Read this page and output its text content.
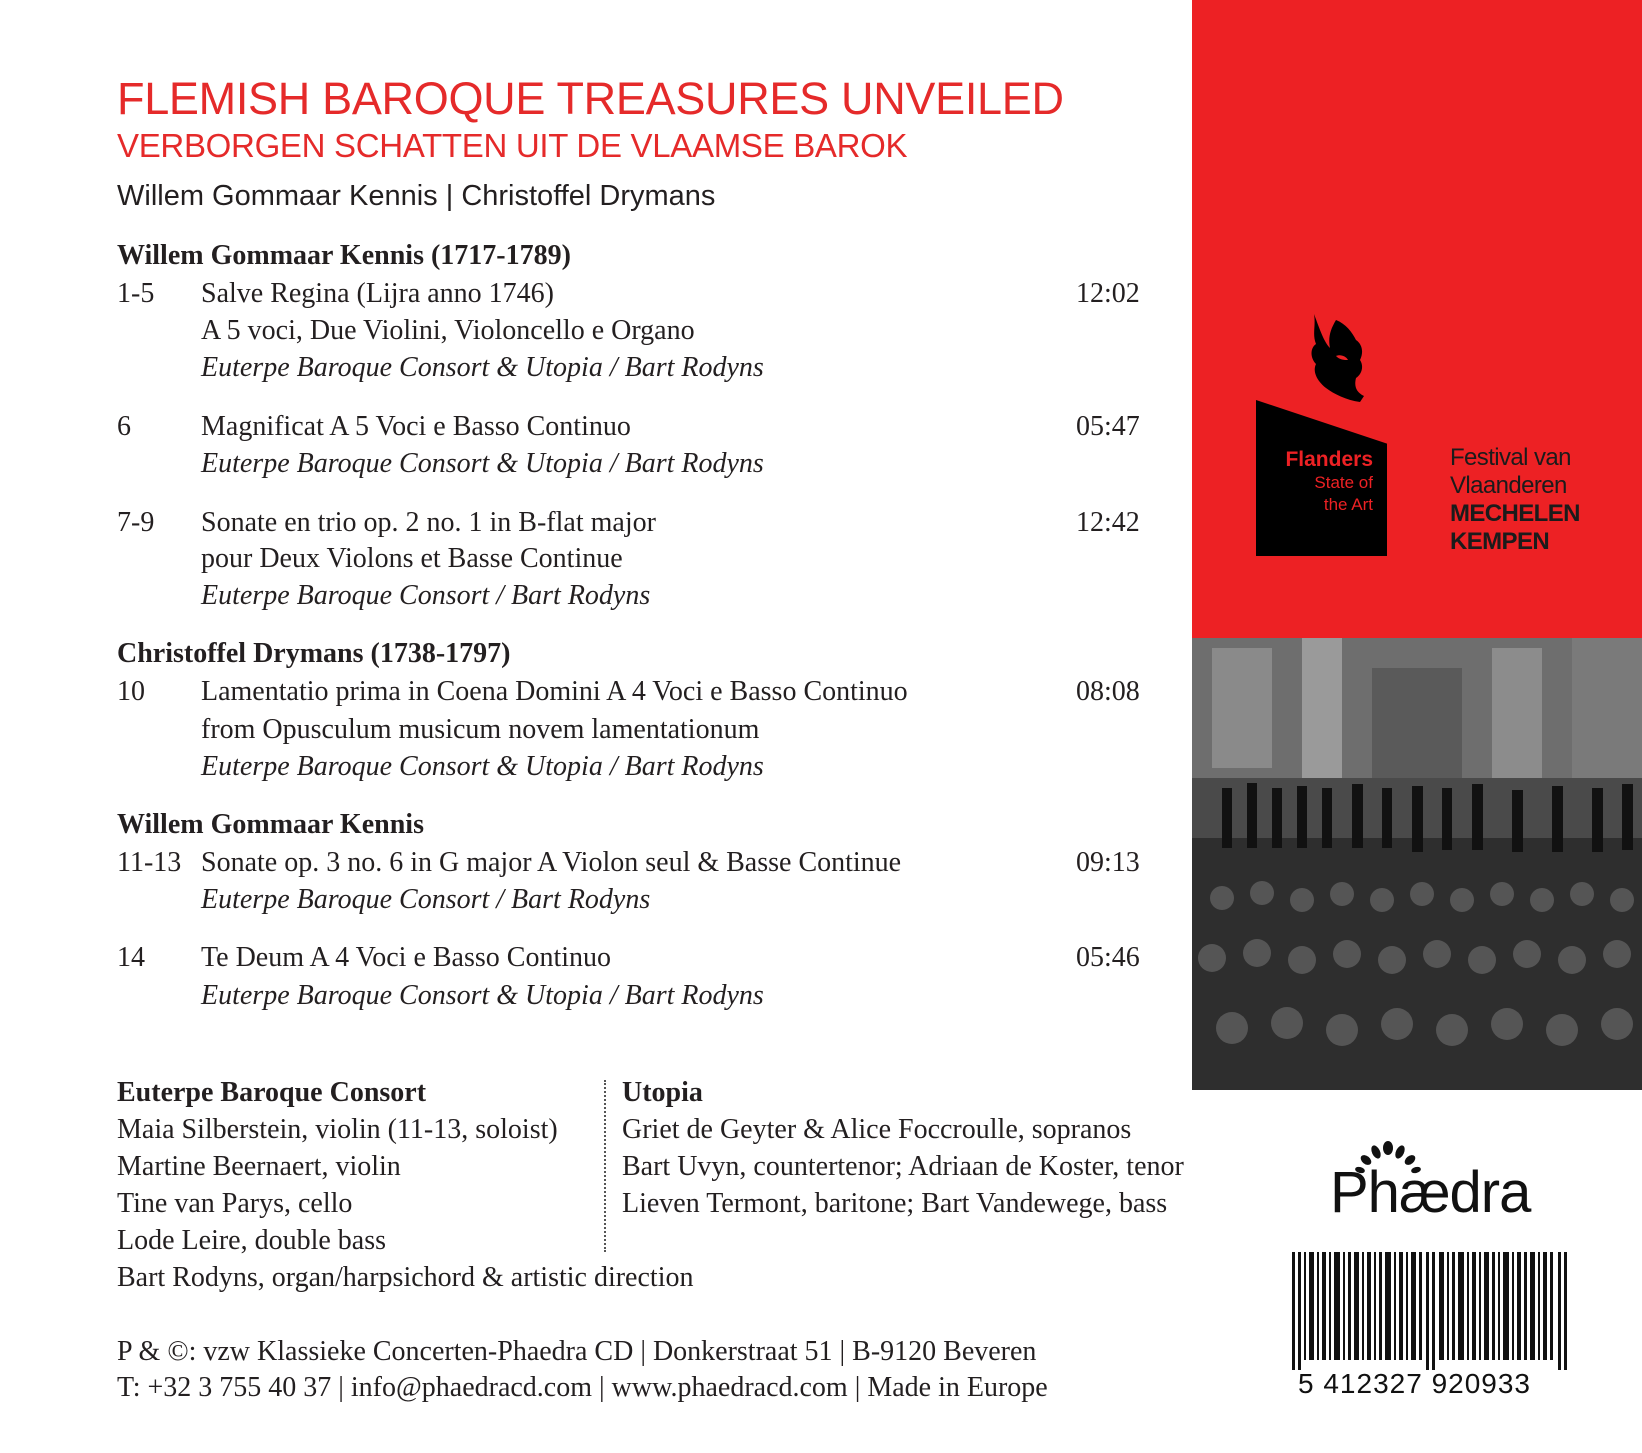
FLEMISH BAROQUE TREASURES UNVEILED
VERBORGEN SCHATTEN UIT DE VLAAMSE BAROK
Willem Gommaar Kennis | Christoffel Drymans
Willem Gommaar Kennis (1717-1789)
1-5 Salve Regina (Lijra anno 1746)	12:02
A 5 voci, Due Violini, Violoncello e Organo
Euterpe Baroque Consort & Utopia / Bart Rodyns
6	Magnificat A 5 Voci e Basso Continuo	05:47
Euterpe Baroque Consort & Utopia / Bart Rodyns
7-9 Sonate en trio op. 2 no. 1 in B-flat major	12:42
pour Deux Violons et Basse Continue
Euterpe Baroque Consort / Bart Rodyns
Christoffel Drymans (1738-1797)
10 Lamentatio prima in Coena Domini A 4 Voci e Basso Continuo	08:08
from Opusculum musicum novem lamentationum
Euterpe Baroque Consort & Utopia / Bart Rodyns
Willem Gommaar Kennis
11-13 Sonate op. 3 no. 6 in G major A Violon seul & Basse Continue	09:13
Euterpe Baroque Consort / Bart Rodyns
14 Te Deum A 4 Voci e Basso Continuo	05:46
Euterpe Baroque Consort & Utopia / Bart Rodyns
Euterpe Baroque Consort
Maia Silberstein, violin (11-13, soloist)
Martine Beernaert, violin
Tine van Parys, cello
Lode Leire, double bass
Bart Rodyns, organ/harpsichord & artistic direction
Utopia
Griet de Geyter & Alice Foccroulle, sopranos
Bart Uvyn, countertenor; Adriaan de Koster, tenor
Lieven Termont, baritone; Bart Vandewege, bass
P & ©: vzw Klassieke Concerten-Phaedra CD | Donkerstraat 51 | B-9120 Beveren
T: +32 3 755 40 37 | info@phaedracd.com | www.phaedracd.com | Made in Europe
Flanders
State of
the Art
Festival van
Vlaanderen
MECHELEN
KEMPEN
Phædra
5 412327 920933
